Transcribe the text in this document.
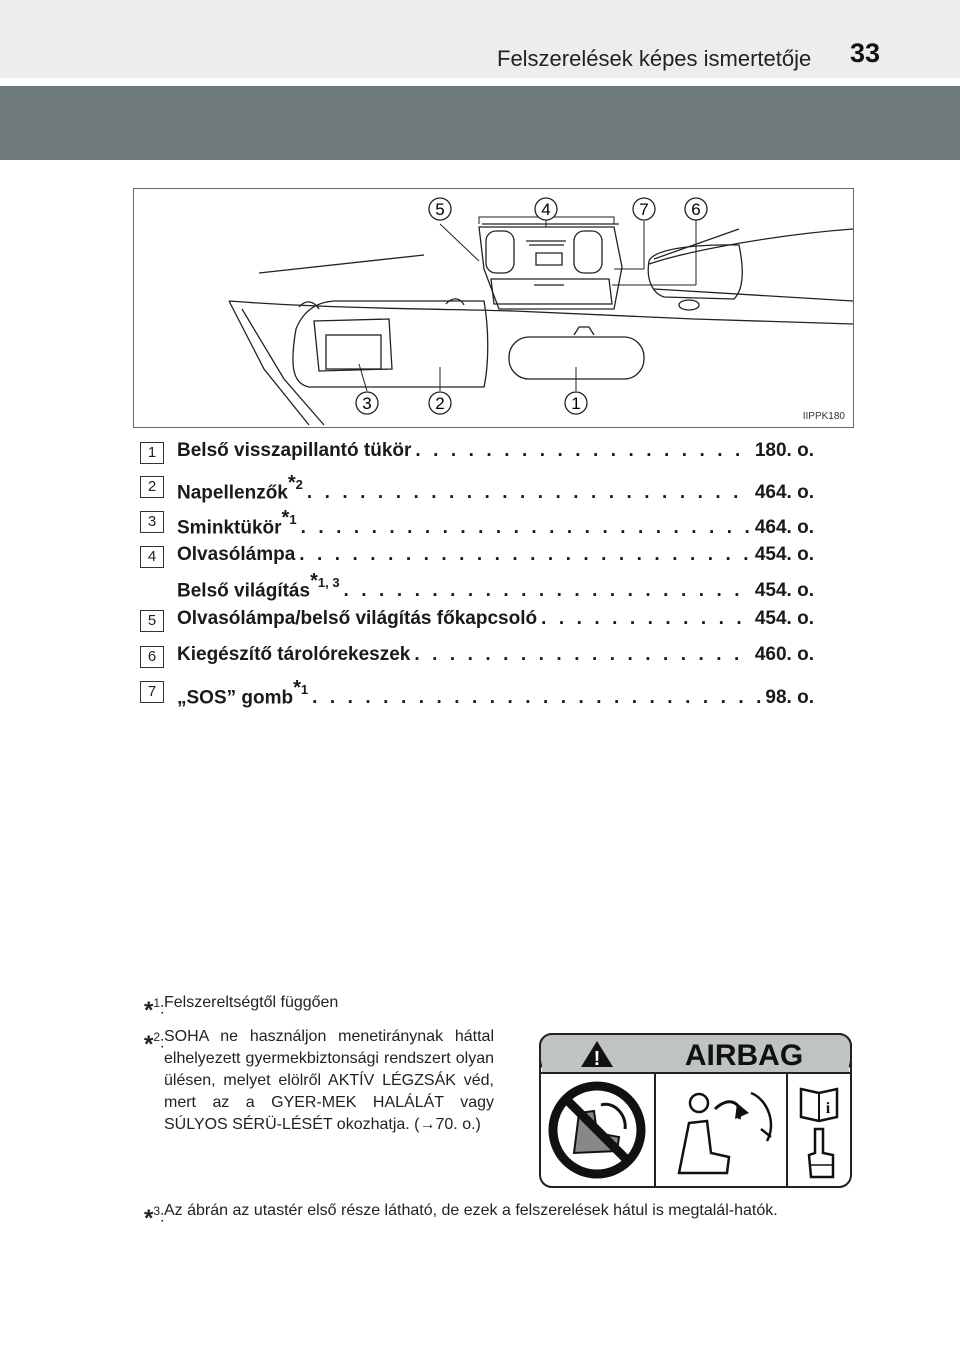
Felszerelések képes ismertetője 33
5	4	7	6
3	2	1
IIPPK180
1	Belső visszapillantó tükör . . .	180. o.
2	Napellenzők$^{*2}$ . . .	464. o.
3	Sminktükör$^{*1}$ . . .	464. o.
4	Olvasólámpa . . .	454. o.
Belső világítás$^{*1, 3}$ . . .	454. o.
5	Olvasólámpa/belső világítás főkapcsoló . . .	454. o.
6	Kiegészítő tárolórekeszek . . .	460. o.
7	„SOS” gomb$^{*1}$ . . .	98. o.
*$^1$: Felszereltségtől függően
*$^2$: SOHA ne használjon menetiránynak háttal elhelyezett gyermekbiztonsági rendszert olyan ülésen, melyet elölről AKTÍV LÉGZSÁK véd, mert az a GYER-MEK HALÁLÁT vagy SÚLYOS SÉRÜ-LÉSÉT okozhatja. (→70. o.)
*$^3$: Az ábrán az utastér első része látható, de ezek a felszerelések hátul is megtalál-hatók.
!	AIRBAG
i
